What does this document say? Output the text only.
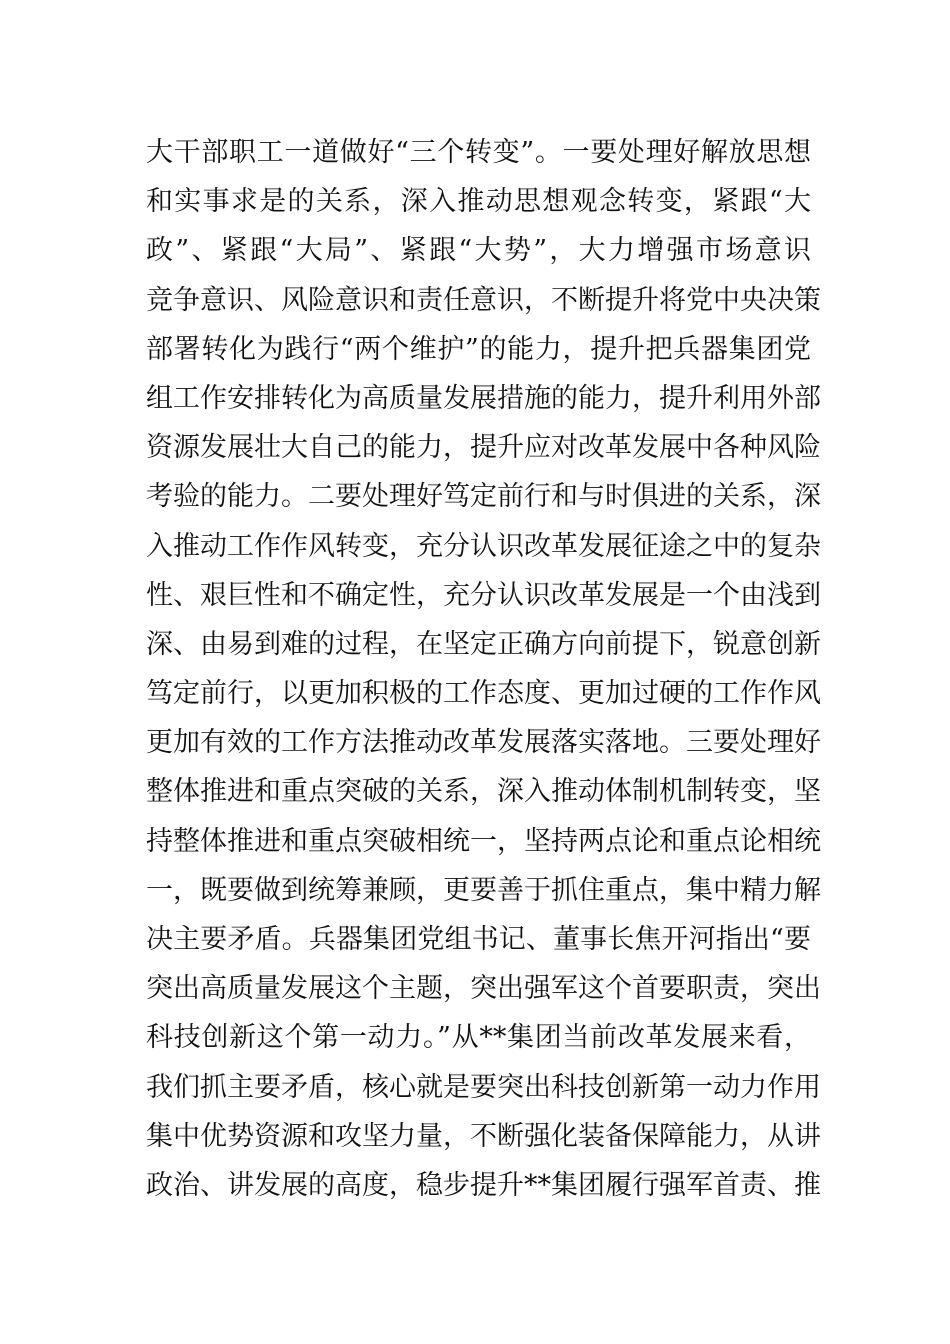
大干部职工一道做好“三个转变”。一要处理好解放思想
和实事求是的关系，深入推动思想观念转变，紧跟“大
政”、紧跟“大局”、紧跟“大势”，大力增强市场意识
竞争意识、风险意识和责任意识，不断提升将党中央决策
部署转化为践行“两个维护”的能力，提升把兵器集团党
组工作安排转化为高质量发展措施的能力，提升利用外部
资源发展壮大自己的能力，提升应对改革发展中各种风险
考验的能力。二要处理好笃定前行和与时俱进的关系，深
入推动工作作风转变，充分认识改革发展征途之中的复杂
性、艰巨性和不确定性，充分认识改革发展是一个由浅到
深、由易到难的过程，在坚定正确方向前提下，锐意创新
笃定前行，以更加积极的工作态度、更加过硬的工作作风
更加有效的工作方法推动改革发展落实落地。三要处理好
整体推进和重点突破的关系，深入推动体制机制转变，坚
持整体推进和重点突破相统一，坚持两点论和重点论相统
一，既要做到统筹兼顾，更要善于抓住重点，集中精力解
决主要矛盾。兵器集团党组书记、董事长焦开河指出“要
突出高质量发展这个主题，突出强军这个首要职责，突出
科技创新这个第一动力。”从**集团当前改革发展来看，
我们抓主要矛盾，核心就是要突出科技创新第一动力作用
集中优势资源和攻坚力量，不断强化装备保障能力，从讲
政治、讲发展的高度，稳步提升**集团履行强军首责、推
